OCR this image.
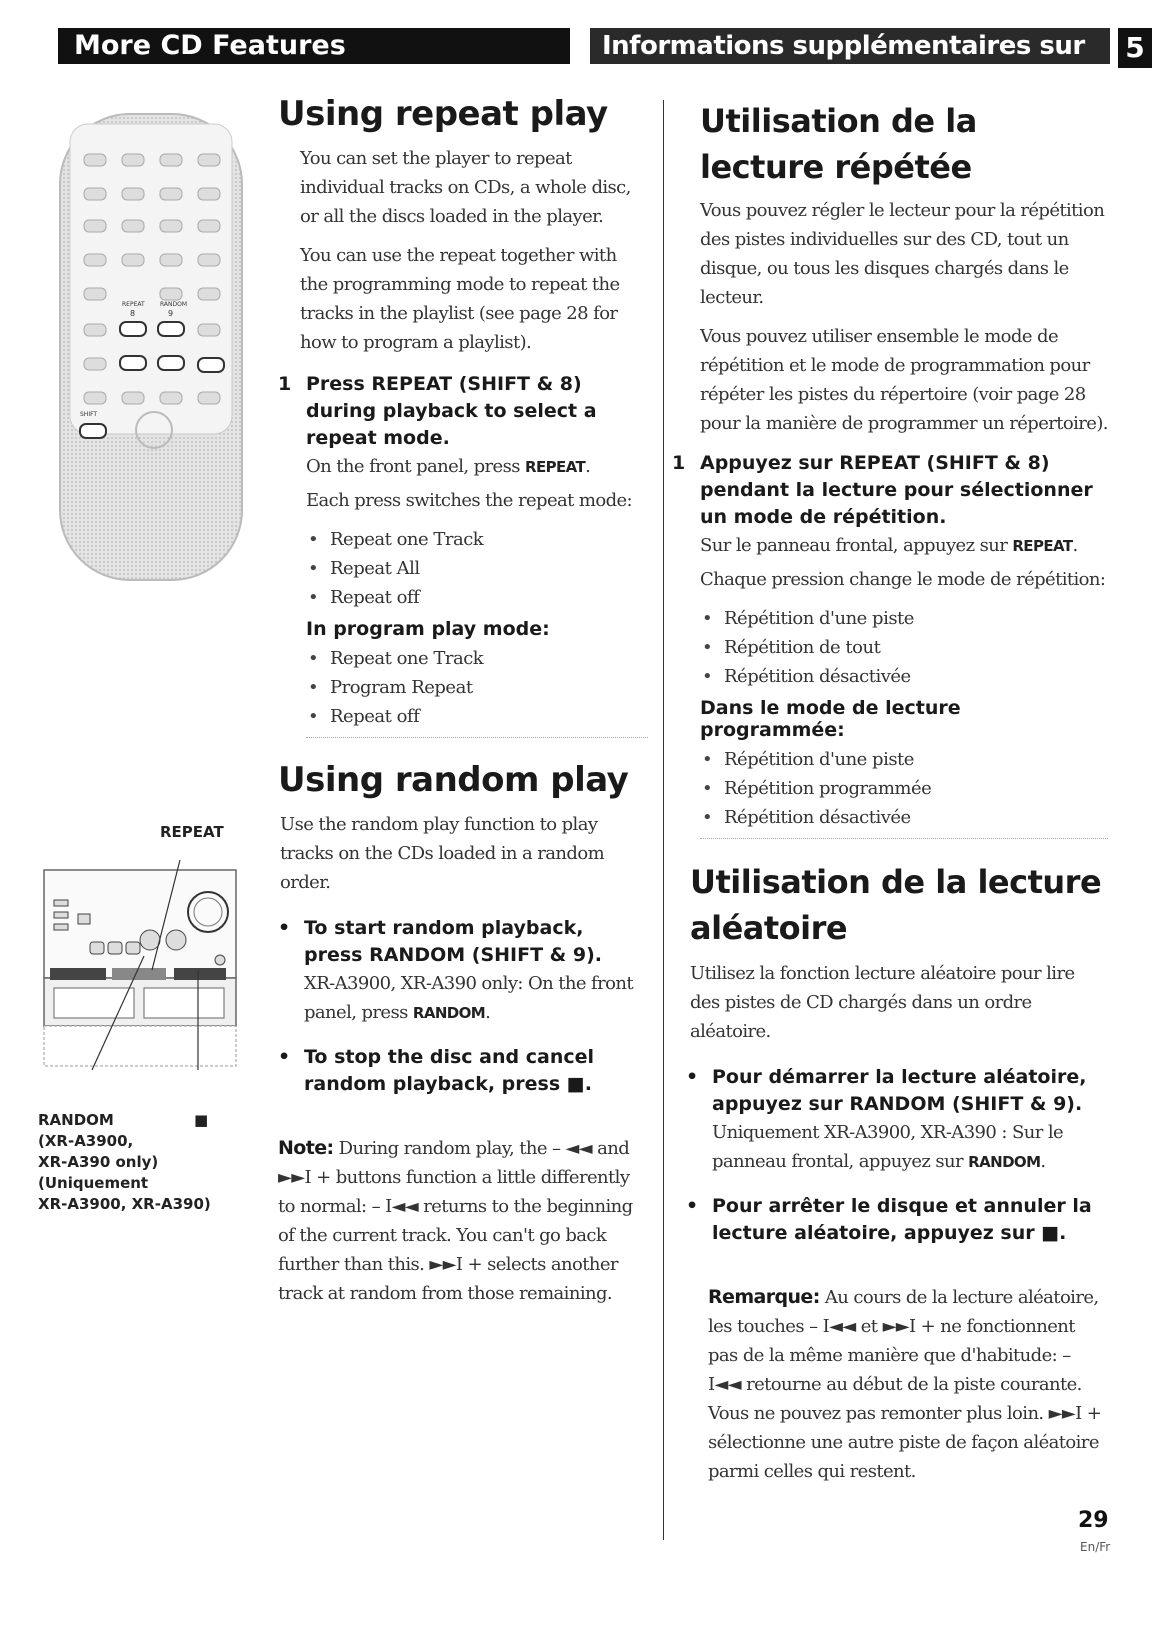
More CD Features	Informations supplémentaires sur les CD
5
REPEAT	RANDOM
8	9
SHIFT
REPEAT
RANDOM
(XR-A3900,
XR-A390 only)
(Uniquement
XR-A3900, XR-A390)
■
Using repeat play

You can set the player to repeat individual tracks on CDs, a whole disc, or all the discs loaded in the player.

You can use the repeat together with the programming mode to repeat the tracks in the playlist (see page 28 for how to program a playlist).

1 Press REPEAT (SHIFT & 8) during playback to select a repeat mode.

On the front panel, press REPEAT.

Each press switches the repeat mode:

• Repeat one Track
• Repeat All
• Repeat off
In program play mode:
• Repeat one Track
• Program Repeat
• Repeat off
Using random play

Use the random play function to play tracks on the CDs loaded in a random order.

• To start random playback, press RANDOM (SHIFT & 9).

XR-A3900, XR-A390 only: On the front panel, press RANDOM.

• To stop the disc and cancel random playback, press ■.

Note: During random play, the – ◄◄ and ►►I + buttons function a little differently to normal: – I◄◄ returns to the beginning of the current track. You can't go back further than this. ►►I + selects another track at random from those remaining.

Utilisation de la lecture répétée

Vous pouvez régler le lecteur pour la répétition des pistes individuelles sur des CD, tout un disque, ou tous les disques chargés dans le lecteur.

Vous pouvez utiliser ensemble le mode de répétition et le mode de programmation pour répéter les pistes du répertoire (voir page 28 pour la manière de programmer un répertoire).

1 Appuyez sur REPEAT (SHIFT & 8) pendant la lecture pour sélectionner un mode de répétition.

Sur le panneau frontal, appuyez sur REPEAT.

Chaque pression change le mode de répétition:

• Répétition d'une piste
• Répétition de tout
• Répétition désactivée
Dans le mode de lecture programmée:
• Répétition d'une piste
• Répétition programmée
• Répétition désactivée
Utilisation de la lecture aléatoire

Utilisez la fonction lecture aléatoire pour lire des pistes de CD chargés dans un ordre aléatoire.

• Pour démarrer la lecture aléatoire, appuyez sur RANDOM (SHIFT & 9).

Uniquement XR-A3900, XR-A390 : Sur le panneau frontal, appuyez sur RANDOM.

• Pour arrêter le disque et annuler la lecture aléatoire, appuyez sur ■.

Remarque: Au cours de la lecture aléatoire, les touches – I◄◄ et ►►I + ne fonctionnent pas de la même manière que d'habitude: – I◄◄ retourne au début de la piste courante. Vous ne pouvez pas remonter plus loin. ►►I + sélectionne une autre piste de façon aléatoire parmi celles qui restent.

29
En/Fr
